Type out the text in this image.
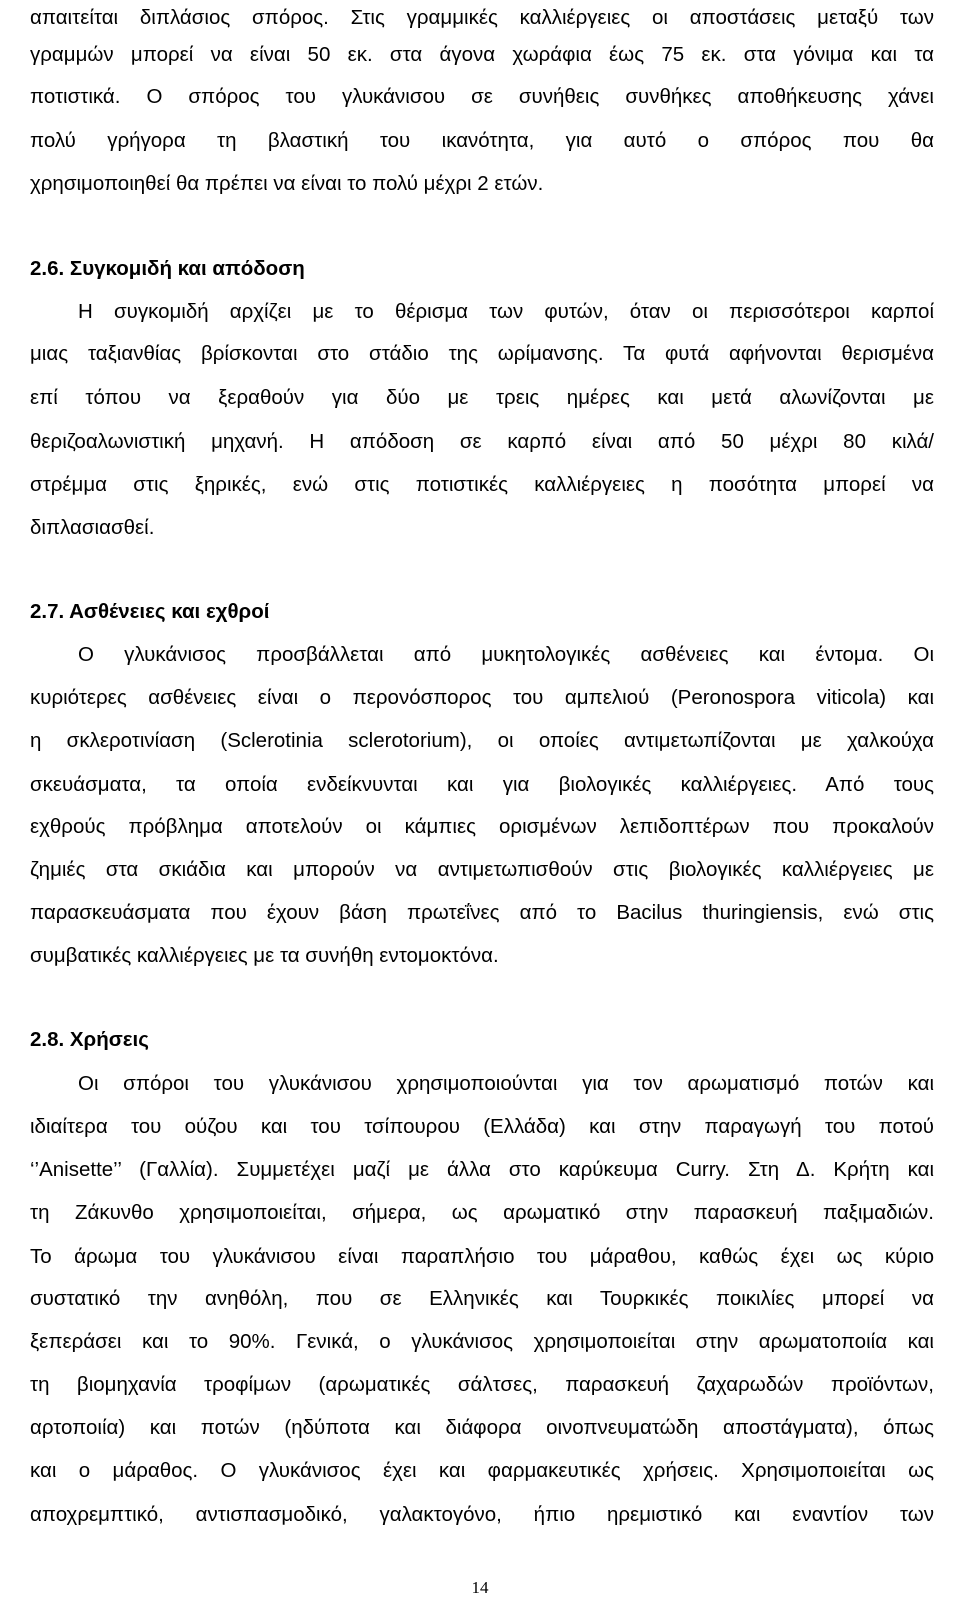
απαιτείται διπλάσιος σπόρος. Στις γραμμικές καλλιέργειες οι αποστάσεις μεταξύ των
γραμμών μπορεί να είναι 50 εκ. στα άγονα χωράφια έως 75 εκ. στα γόνιμα και τα
ποτιστικά. Ο σπόρος του γλυκάνισου σε συνήθεις συνθήκες αποθήκευσης χάνει
πολύ γρήγορα τη βλαστική του ικανότητα, για αυτό ο σπόρος που θα
χρησιμοποιηθεί θα πρέπει να είναι το πολύ μέχρι 2 ετών.
2.6. Συγκομιδή και απόδοση
Η συγκομιδή αρχίζει με το θέρισμα των φυτών, όταν οι περισσότεροι καρποί
μιας ταξιανθίας βρίσκονται στο στάδιο της ωρίμανσης. Τα φυτά αφήνονται θερισμένα
επί τόπου να ξεραθούν για δύο με τρεις ημέρες και μετά αλωνίζονται με
θεριζοαλωνιστική μηχανή. Η απόδοση σε καρπό είναι από 50 μέχρι 80 κιλά/
στρέμμα στις ξηρικές, ενώ στις ποτιστικές καλλιέργειες η ποσότητα μπορεί να
διπλασιασθεί.
2.7. Ασθένειες και εχθροί
Ο γλυκάνισος προσβάλλεται από μυκητολογικές ασθένειες και έντομα. Οι
κυριότερες ασθένειες είναι ο περονόσπορος του αμπελιού (Peronospora viticola) και
η σκλεροτινίαση (Sclerotinia sclerotorium), οι οποίες αντιμετωπίζονται με χαλκούχα
σκευάσματα, τα οποία ενδείκνυνται και για βιολογικές καλλιέργειες. Από τους
εχθρούς πρόβλημα αποτελούν οι κάμπιες ορισμένων λεπιδοπτέρων που προκαλούν
ζημιές στα σκιάδια και μπορούν να αντιμετωπισθούν στις βιολογικές καλλιέργειες με
παρασκευάσματα που έχουν βάση πρωτεΐνες από το Bacilus thuringiensis, ενώ στις
συμβατικές καλλιέργειες με τα συνήθη εντομοκτόνα.
2.8. Χρήσεις
Οι σπόροι του γλυκάνισου χρησιμοποιούνται για τον αρωματισμό ποτών και
ιδιαίτερα του ούζου και του τσίπουρου (Ελλάδα) και στην παραγωγή του ποτού
‘’Anisette’’ (Γαλλία). Συμμετέχει μαζί με άλλα στο καρύκευμα Curry. Στη Δ. Κρήτη και
τη Ζάκυνθο χρησιμοποιείται, σήμερα, ως αρωματικό στην παρασκευή παξιμαδιών.
Το άρωμα του γλυκάνισου είναι παραπλήσιο του μάραθου, καθώς έχει ως κύριο
συστατικό την ανηθόλη, που σε Ελληνικές και Τουρκικές ποικιλίες μπορεί να
ξεπεράσει και το 90%. Γενικά, ο γλυκάνισος χρησιμοποιείται στην αρωματοποιία και
τη βιομηχανία τροφίμων (αρωματικές σάλτσες, παρασκευή ζαχαρωδών προϊόντων,
αρτοποιία) και ποτών (ηδύποτα και διάφορα οινοπνευματώδη αποστάγματα), όπως
και ο μάραθος. Ο γλυκάνισος έχει και φαρμακευτικές χρήσεις. Χρησιμοποιείται ως
αποχρεμπτικό, αντισπασμοδικό, γαλακτογόνο, ήπιο ηρεμιστικό και εναντίον των
14
